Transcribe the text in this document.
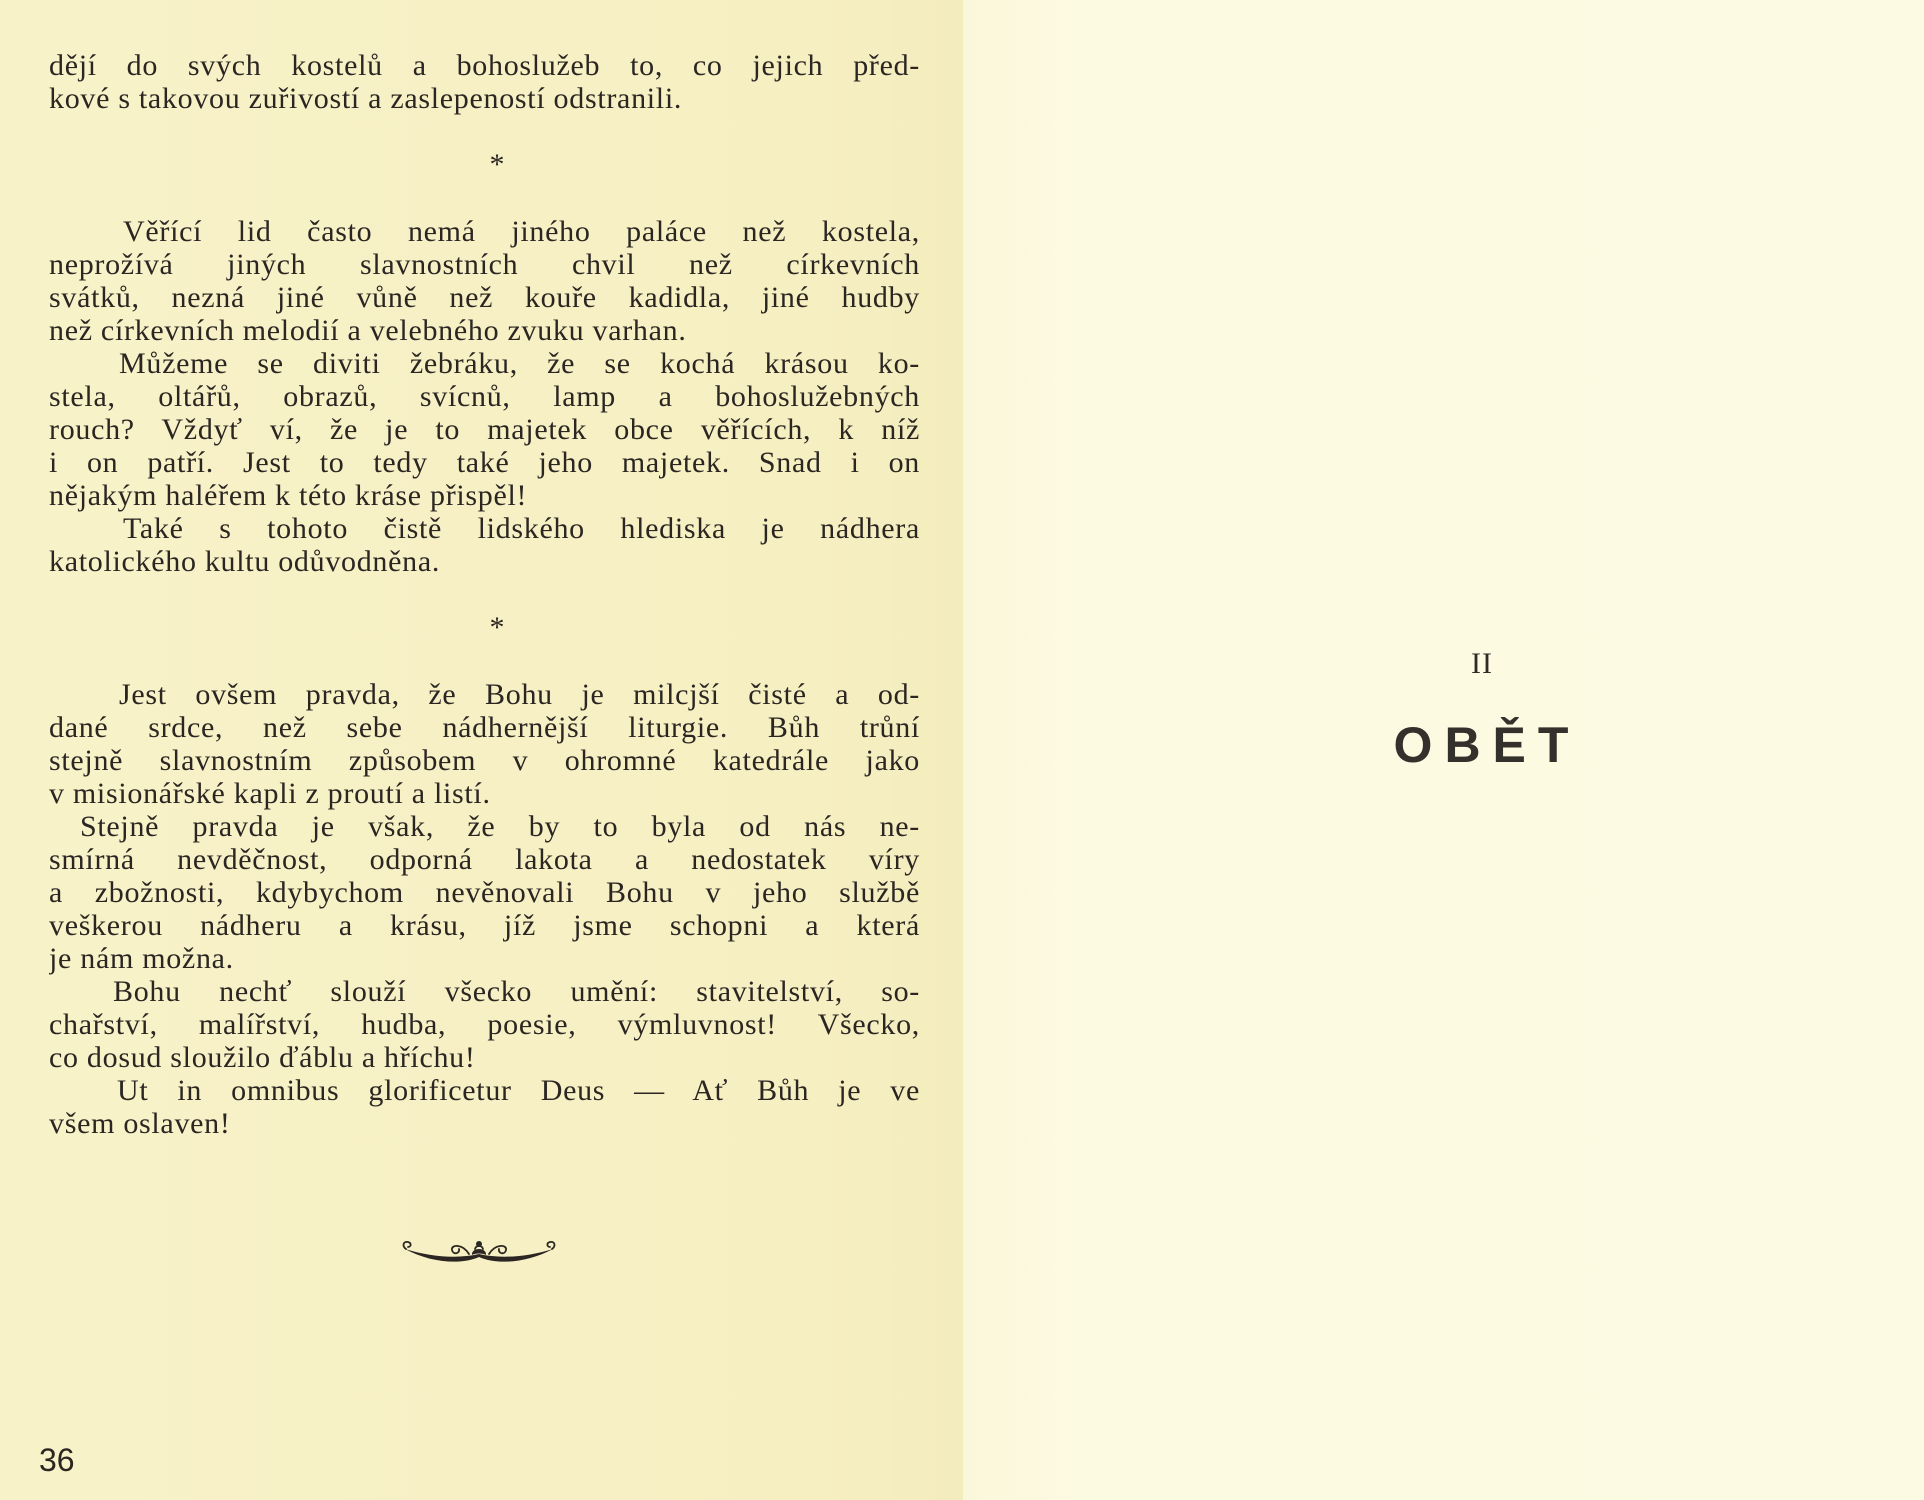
dějí do svých kostelů a bohoslužeb to, co jejich před-
kové s takovou zuřivostí a zaslepeností odstranili.
*
Věřící lid často nemá jiného paláce než kostela,
neprožívá jiných slavnostních chvil než církevních
svátků, nezná jiné vůně než kouře kadidla, jiné hudby
než církevních melodií a velebného zvuku varhan.
Můžeme se diviti žebráku, že se kochá krásou ko-
stela, oltářů, obrazů, svícnů, lamp a bohoslužebných
rouch? Vždyť ví, že je to majetek obce věřících, k níž
i on patří. Jest to tedy také jeho majetek. Snad i on
nějakým haléřem k této kráse přispěl!
Také s tohoto čistě lidského hlediska je nádhera
katolického kultu odůvodněna.
*
Jest ovšem pravda, že Bohu je milcjší čisté a od-
dané srdce, než sebe nádhernější liturgie. Bůh trůní
stejně slavnostním způsobem v ohromné katedrále jako
v misionářské kapli z proutí a listí.
Stejně pravda je však, že by to byla od nás ne-
smírná nevděčnost, odporná lakota a nedostatek víry
a zbožnosti, kdybychom nevěnovali Bohu v jeho službě
veškerou nádheru a krásu, jíž jsme schopni a která
je nám možna.
Bohu nechť slouží všecko umění: stavitelství, so-
chařství, malířství, hudba, poesie, výmluvnost! Všecko,
co dosud sloužilo ďáblu a hříchu!
Ut in omnibus glorificetur Deus — Ať Bůh je ve
všem oslaven!
36
II
OBĚT
